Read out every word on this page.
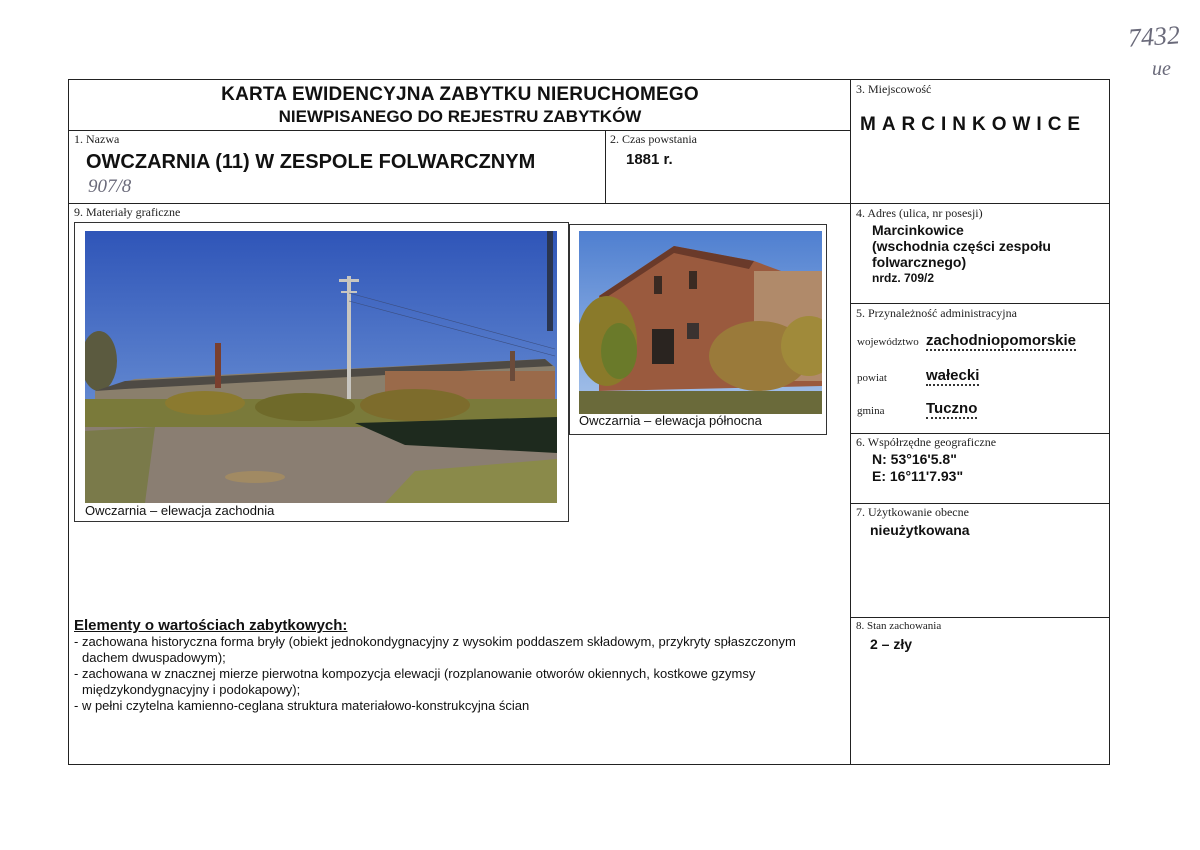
7432
ue
KARTA EWIDENCYJNA ZABYTKU NIERUCHOMEGO
NIEWPISANEGO DO REJESTRU ZABYTKÓW
1. Nazwa
OWCZARNIA (11) W ZESPOLE FOLWARCZNYM
907/8
2. Czas powstania
1881 r.
3. Miejscowość
MARCINKOWICE
9. Materiały graficzne
Owczarnia – elewacja zachodnia
Owczarnia – elewacja północna
Elementy o wartościach zabytkowych:
- zachowana historyczna forma bryły (obiekt jednokondygnacyjny z wysokim poddaszem składowym, przykryty spłaszczonym
dachem dwuspadowym);
- zachowana w znacznej mierze pierwotna kompozycja elewacji (rozplanowanie otworów okiennych, kostkowe gzymsy
międzykondygnacyjny i podokapowy);
- w pełni czytelna kamienno-ceglana struktura materiałowo-konstrukcyjna ścian
4. Adres (ulica, nr posesji)
Marcinkowice
(wschodnia części zespołu
folwarcznego)
nrdz. 709/2
5. Przynależność administracyjna
województwo zachodniopomorskie
powiat	wałecki
gmina	Tuczno
6. Współrzędne geograficzne
N: 53°16'5.8"
E: 16°11'7.93"
7. Użytkowanie obecne
nieużytkowana
8. Stan zachowania
2 – zły
